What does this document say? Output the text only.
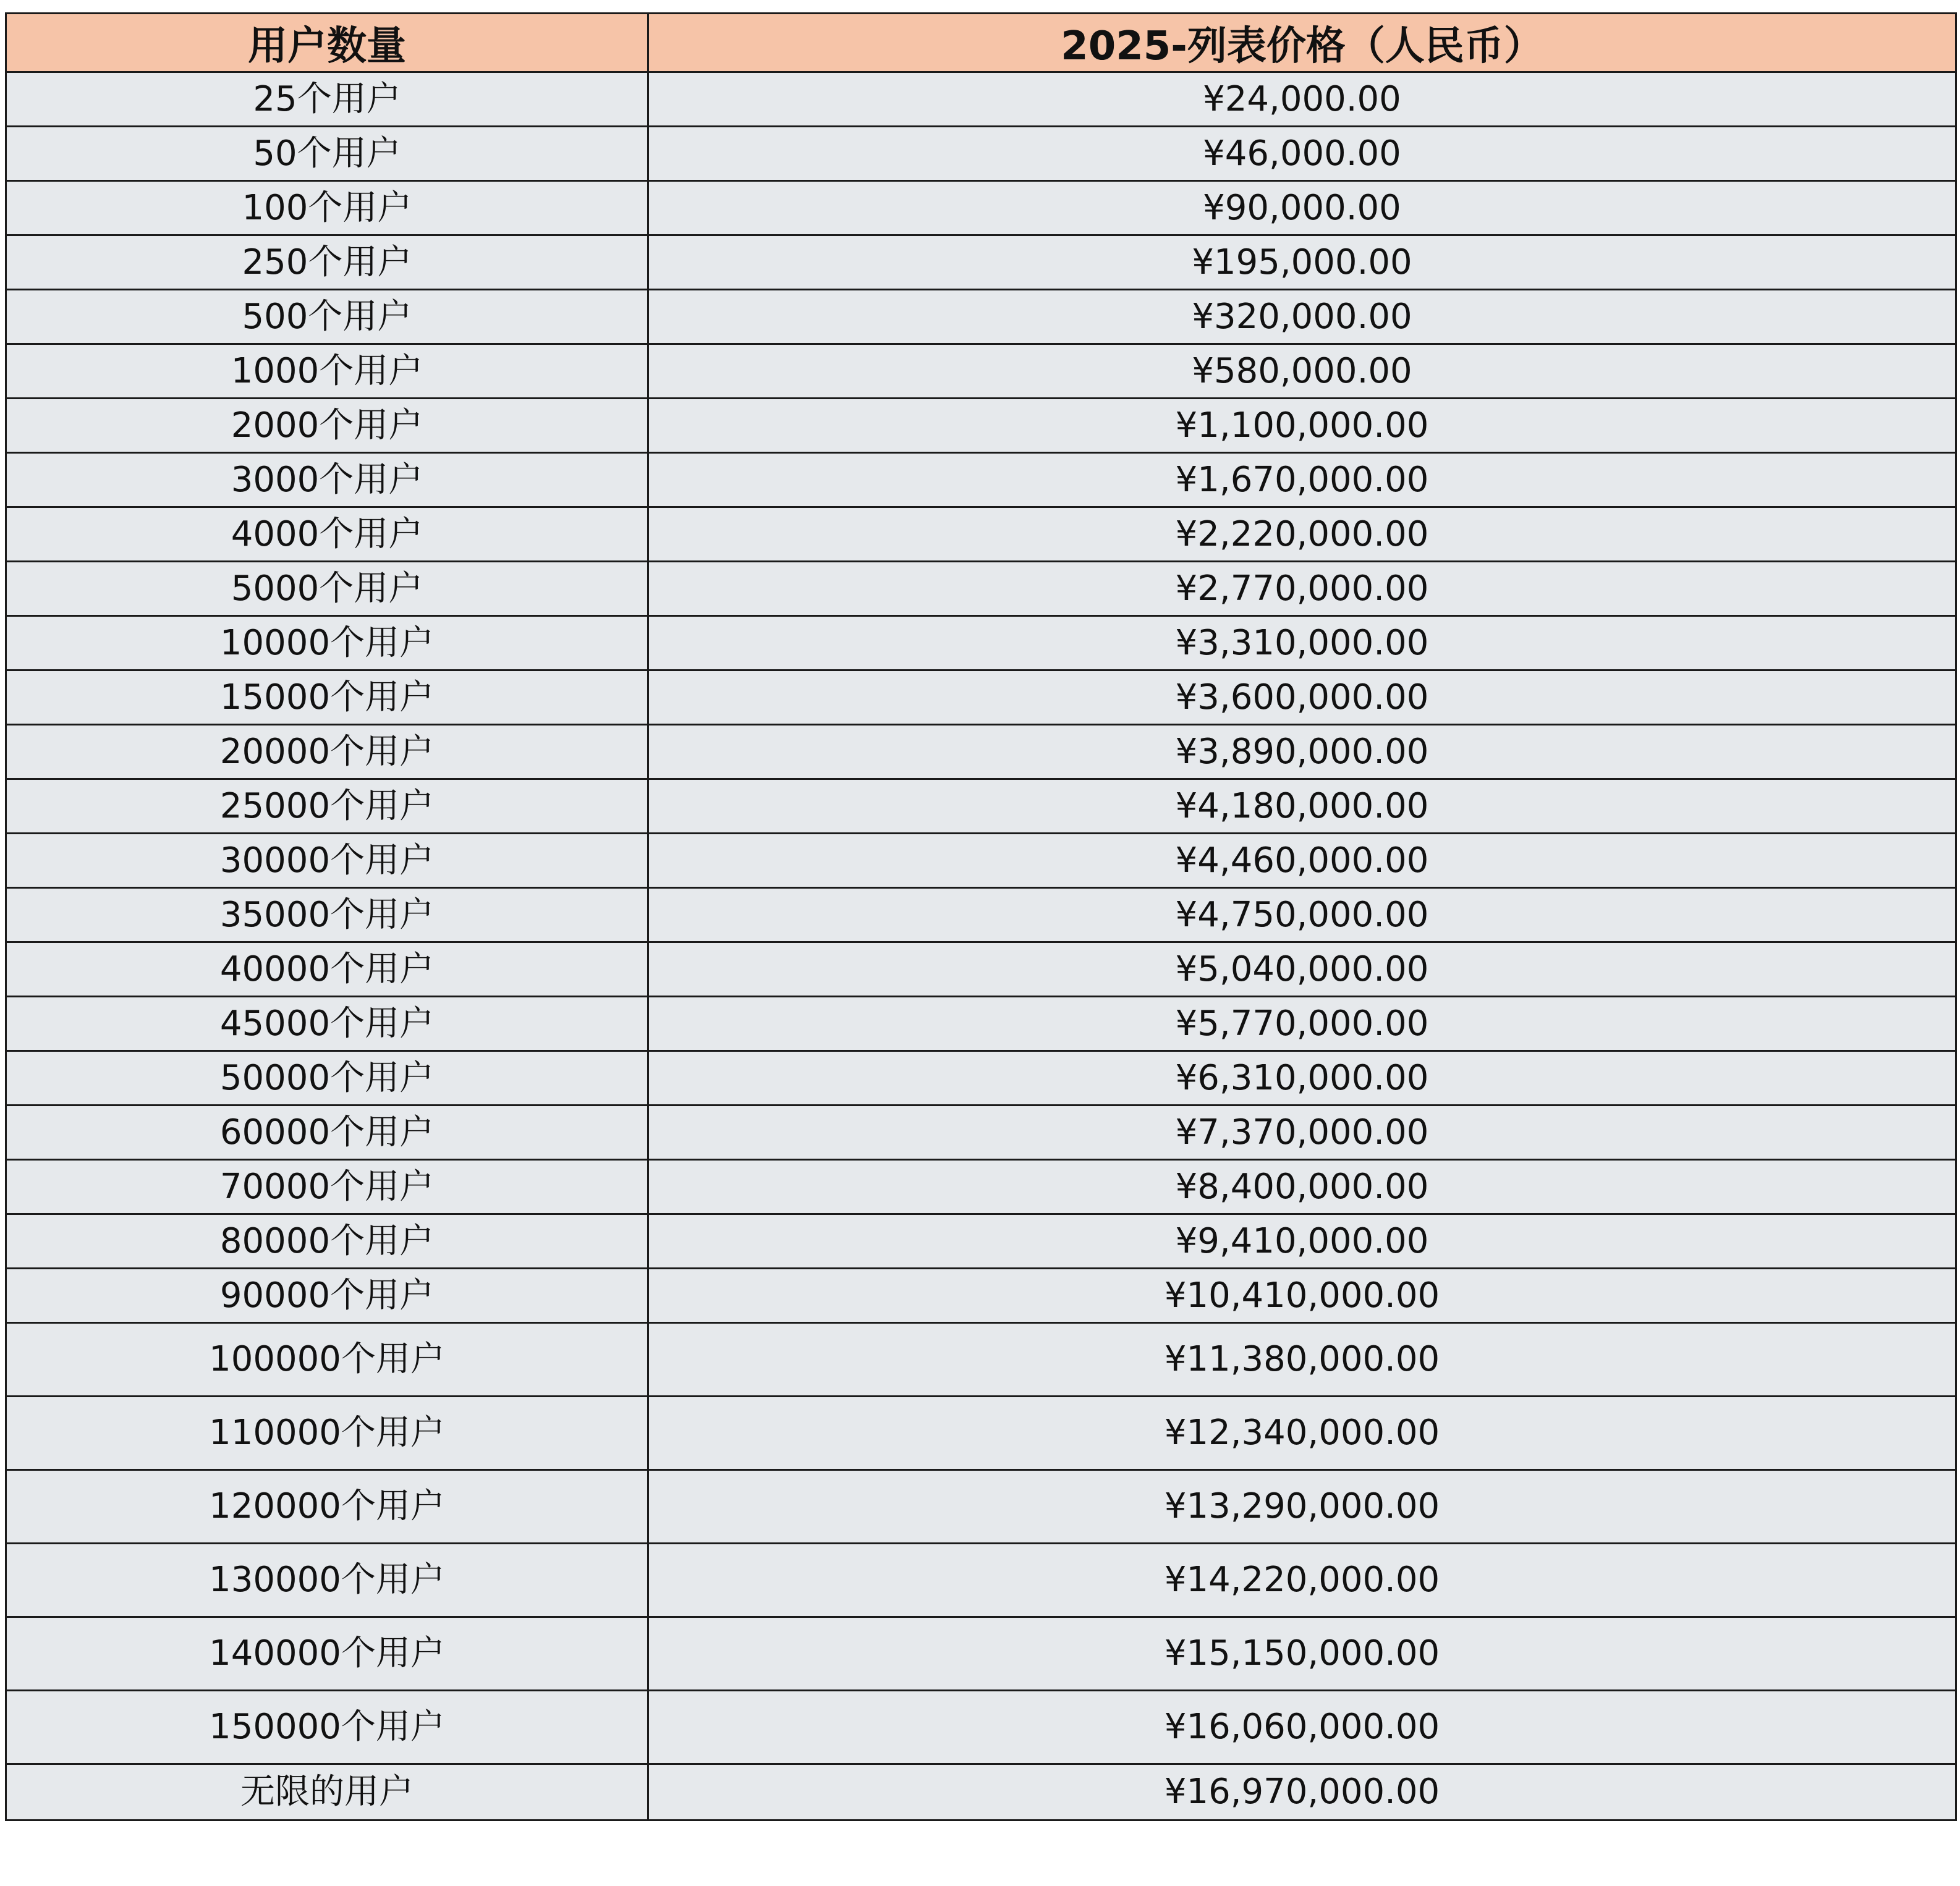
用户数量	2025-列表价格（人民币）
25个用户	¥24,000.00
50个用户	¥46,000.00
100个用户	¥90,000.00
250个用户	¥195,000.00
500个用户	¥320,000.00
1000个用户	¥580,000.00
2000个用户	¥1,100,000.00
3000个用户	¥1,670,000.00
4000个用户	¥2,220,000.00
5000个用户	¥2,770,000.00
10000个用户	¥3,310,000.00
15000个用户	¥3,600,000.00
20000个用户	¥3,890,000.00
25000个用户	¥4,180,000.00
30000个用户	¥4,460,000.00
35000个用户	¥4,750,000.00
40000个用户	¥5,040,000.00
45000个用户	¥5,770,000.00
50000个用户	¥6,310,000.00
60000个用户	¥7,370,000.00
70000个用户	¥8,400,000.00
80000个用户	¥9,410,000.00
90000个用户	¥10,410,000.00
100000个用户	¥11,380,000.00
110000个用户	¥12,340,000.00
120000个用户	¥13,290,000.00
130000个用户	¥14,220,000.00
140000个用户	¥15,150,000.00
150000个用户	¥16,060,000.00
无限的用户	¥16,970,000.00
